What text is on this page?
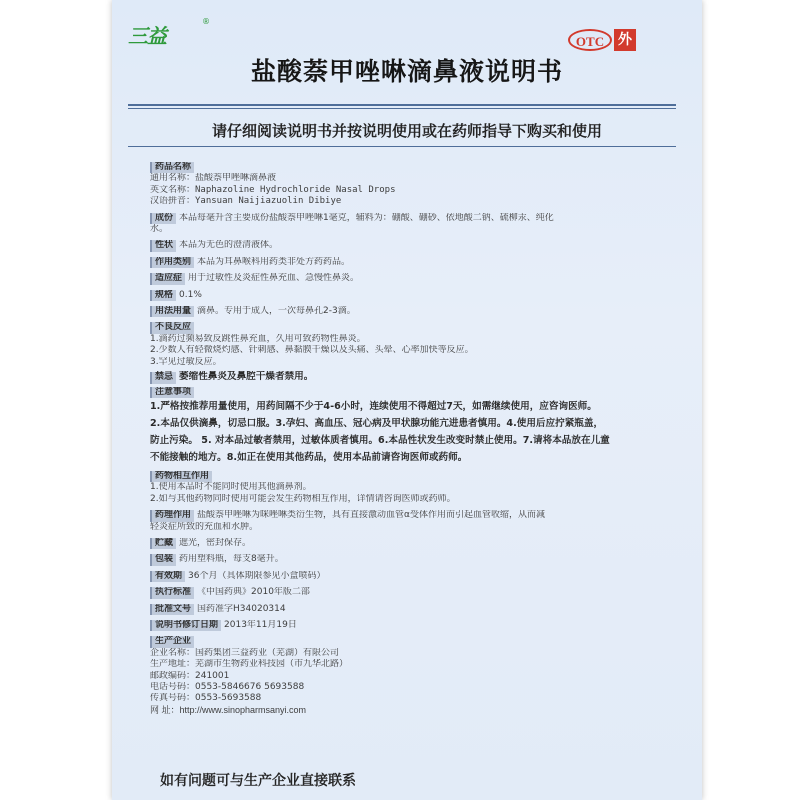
三益
®
OTC 外
盐酸萘甲唑啉滴鼻液说明书
请仔细阅读说明书并按说明使用或在药师指导下购买和使用
药品名称
通用名称：盐酸萘甲唑啉滴鼻液
英文名称：Naphazoline Hydrochloride Nasal Drops
汉语拼音：Yansuan Naijiazuolin Dibiye
成份 本品每毫升含主要成份盐酸萘甲唑啉1毫克，辅料为：硼酸、硼砂、依地酸二钠、硫柳汞、纯化
水。
性状 本品为无色的澄清液体。
作用类别 本品为耳鼻喉科用药类非处方药药品。
适应症 用于过敏性及炎症性鼻充血、急慢性鼻炎。
规格 0.1%
用法用量 滴鼻。专用于成人，一次每鼻孔2-3滴。
不良反应
1.滴药过频易致反跳性鼻充血，久用可致药物性鼻炎。
2.少数人有轻微烧灼感、针刺感、鼻黏膜干燥以及头痛、头晕、心率加快等反应。
3.罕见过敏反应。
禁忌 萎缩性鼻炎及鼻腔干燥者禁用。
注意事项
1.严格按推荐用量使用，用药间隔不少于4-6小时，连续使用不得超过7天，如需继续使用，应咨询医师。
2.本品仅供滴鼻，切忌口服。3.孕妇、高血压、冠心病及甲状腺功能亢进患者慎用。4.使用后应拧紧瓶盖，
防止污染。 5. 对本品过敏者禁用，过敏体质者慎用。6.本品性状发生改变时禁止使用。7.请将本品放在儿童
不能接触的地方。8.如正在使用其他药品，使用本品前请咨询医师或药师。
药物相互作用
1.使用本品时不能同时使用其他滴鼻剂。
2.如与其他药物同时使用可能会发生药物相互作用，详情请咨询医师或药师。
药理作用 盐酸萘甲唑啉为咪唑啉类衍生物，具有直接激动血管α受体作用而引起血管收缩，从而减
轻炎症所致的充血和水肿。
贮藏 遮光，密封保存。
包装 药用塑料瓶，每支8毫升。
有效期 36个月（具体期限参见小盒喷码）
执行标准 《中国药典》2010年版二部
批准文号 国药准字H34020314
说明书修订日期 2013年11月19日
生产企业
企业名称：国药集团三益药业（芜湖）有限公司
生产地址：芜湖市生物药业科技园（市九华北路）
邮政编码：241001
电话号码：0553-5846676 5693588
传真号码：0553-5693588
网 址：http://www.sinopharmsanyi.com
如有问题可与生产企业直接联系
